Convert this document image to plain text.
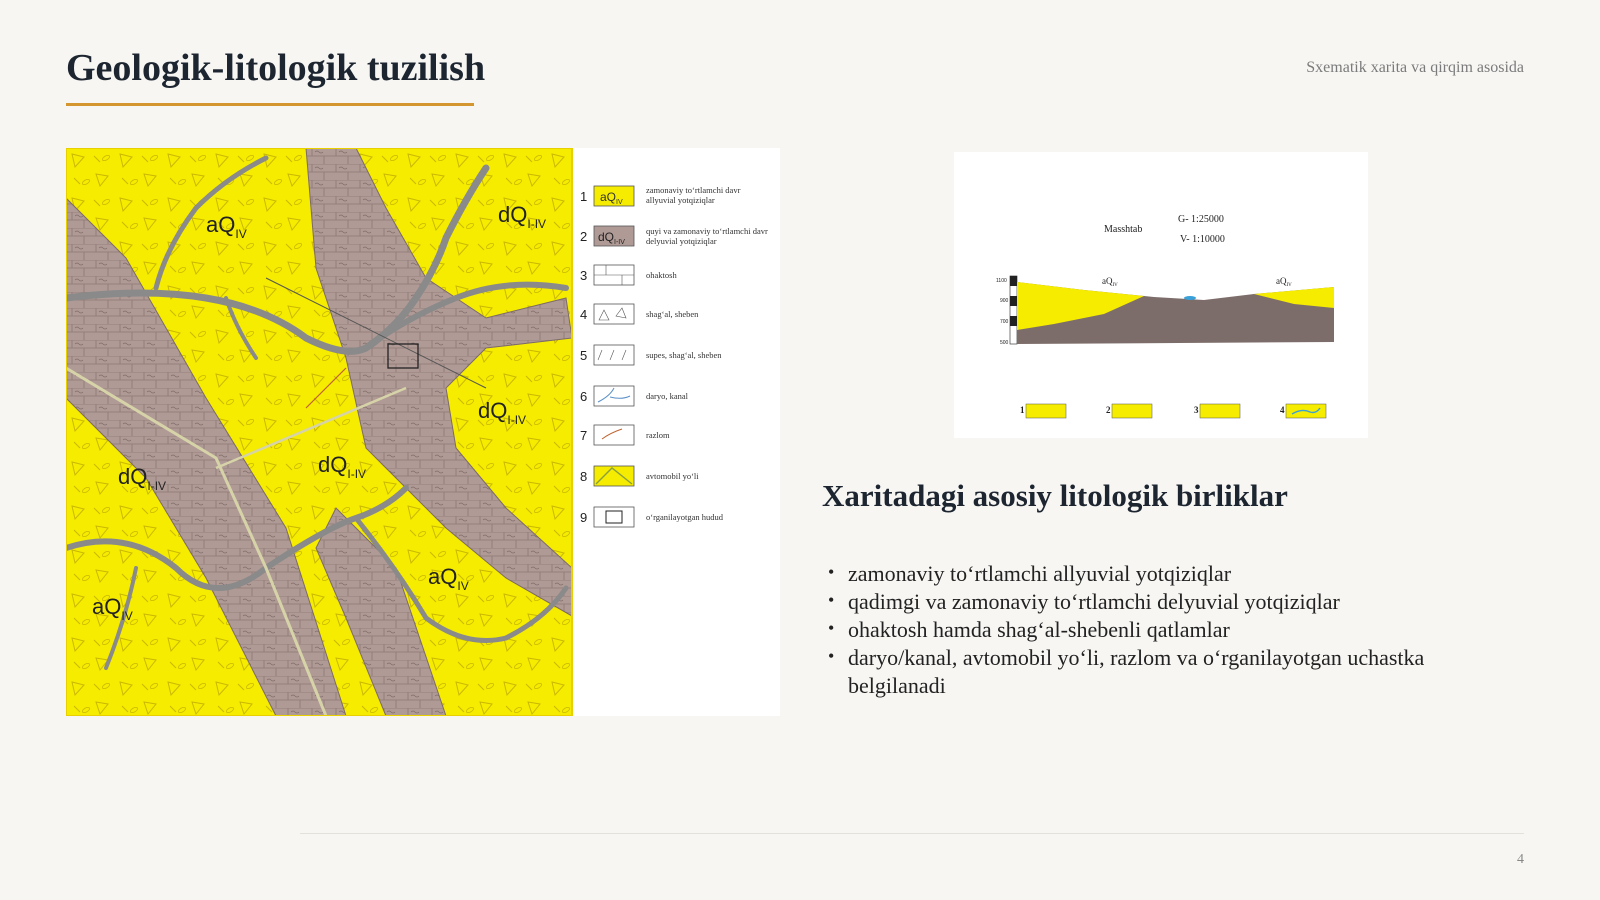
Geologik-litologik tuzilish	Sxematik xarita va qirqim asosida
$aQ_{IV}$
$dQ_{I-IV}$
$dQ_{I-IV}$
$dQ_{I-IV}$
$dQ_{I-IV}$
$aQ_{IV}$
$aQ_{IV}$
1 $aQ_{IV}$
zamonaviy to‘rtlamchi davr
allyuvial yotqiziqlar
2 $dQ_{I-IV}$
quyi va zamonaviy to‘rtlamchi davr
delyuvial yotqiziqlar
3	ohaktosh
4	shag‘al, sheben
5	supes, shag‘al, sheben
6	daryo, kanal
7	razlom
8	avtomobil yo‘li
9	o‘rganilayotgan hudud
Masshtab
G- 1:25000
V- 1:10000
1100
900
700
500
$aQ_{IV}$	$aQ_{IV}$
1	2	3	4
Xaritadagi asosiy litologik birliklar
• zamonaviy to‘rtlamchi allyuvial yotqiziqlar
• qadimgi va zamonaviy to‘rtlamchi delyuvial yotqiziqlar
• ohaktosh hamda shag‘al-shebenli qatlamlar
• daryo/kanal, avtomobil yo‘li, razlom va o‘rganilayotgan uchastka belgilanadi
4
